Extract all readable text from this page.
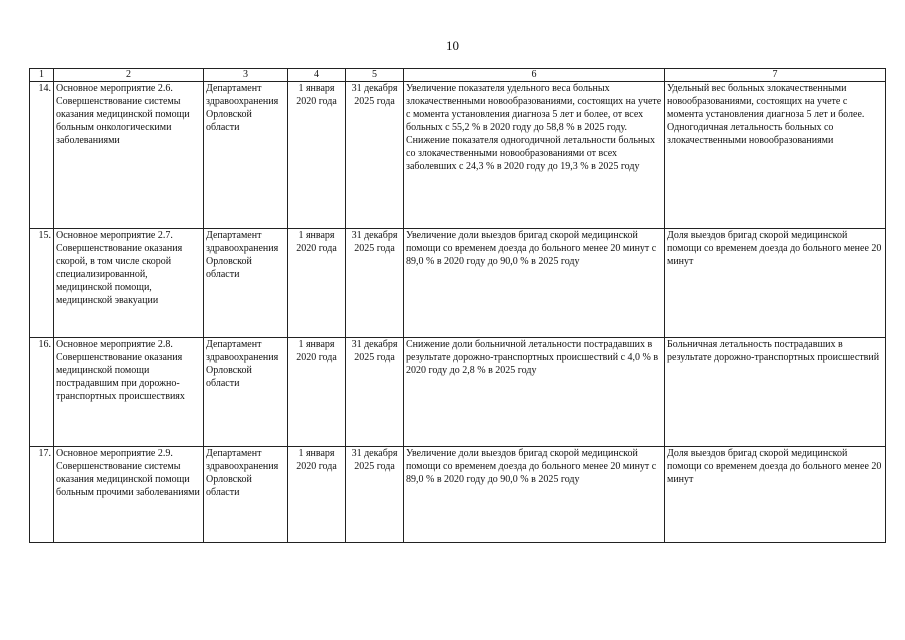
10
1	2	3	4	5	6	7
14.	Основное мероприятие 2.6. Совершенствование системы оказания медицинской помощи больным онкологическими заболеваниями	Департамент здравоохранения Орловской области	1 января 2020 года	31 декабря 2025 года	Увеличение показателя удельного веса больных злокачественными новообразованиями, состоящих на учете с момента установления диагноза 5 лет и более, от всех больных с 55,2 % в 2020 году до 58,8 % в 2025 году.
Снижение показателя одногодичной летальности больных со злокачественными новообразованиями от всех заболевших с 24,3 % в 2020 году до 19,3 % в 2025 году	Удельный вес больных злокачественными новообразованиями, состоящих на учете с момента установления диагноза 5 лет и более.
Одногодичная летальность больных со злокачественными новообразованиями

15.	Основное мероприятие 2.7. Совершенствование оказания скорой, в том числе скорой специализированной, медицинской помощи, медицинской эвакуации	Департамент здравоохранения Орловской области	1 января 2020 года	31 декабря 2025 года	Увеличение доли выездов бригад скорой медицинской помощи со временем доезда до больного менее 20 минут с 89,0 % в 2020 году до 90,0 % в 2025 году	Доля выездов бригад скорой медицинской помощи со временем доезда до больного менее 20 минут

16.	Основное мероприятие 2.8. Совершенствование оказания медицинской помощи пострадавшим при дорожно-транспортных происшествиях	Департамент здравоохранения Орловской области	1 января 2020 года	31 декабря 2025 года	Снижение доли больничной летальности пострадавших в результате дорожно-транспортных происшествий с 4,0 % в 2020 году до 2,8 % в 2025 году	Больничная летальность пострадавших в результате дорожно-транспортных происшествий

17.	Основное мероприятие 2.9. Совершенствование системы оказания медицинской помощи больным прочими заболеваниями	Департамент здравоохранения Орловской области	1 января 2020 года	31 декабря 2025 года	Увеличение доли выездов бригад скорой медицинской помощи со временем доезда до больного менее 20 минут с 89,0 % в 2020 году до 90,0 % в 2025 году	Доля выездов бригад скорой медицинской помощи со временем доезда до больного менее 20 минут
